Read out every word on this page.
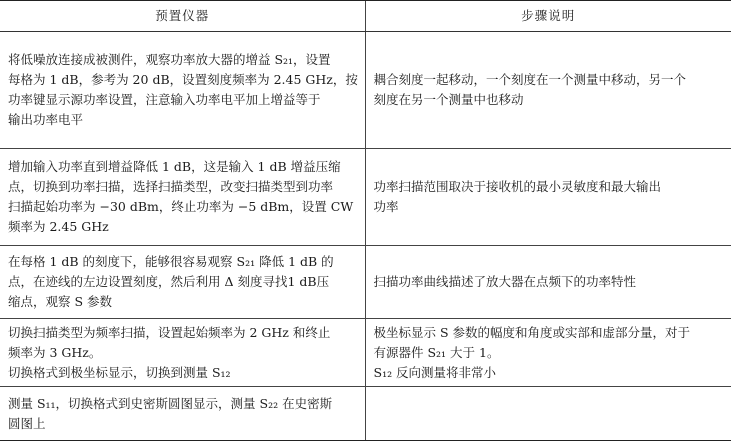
预置仪器	步骤说明

将低噪放连接成被测件，观察功率放大器的增益 S₂₁，设置
每格为 1 dB，参考为 20 dB，设置刻度频率为 2.45 GHz，按
功率键显示源功率设置，注意输入功率电平加上增益等于
输出功率电平	耦合刻度一起移动，一个刻度在一个测量中移动，另一个
刻度在另一个测量中也移动

增加输入功率直到增益降低 1 dB，这是输入 1 dB 增益压缩
点，切换到功率扫描，选择扫描类型，改变扫描类型到功率
扫描起始功率为 −30 dBm，终止功率为 −5 dBm，设置 CW
频率为 2.45 GHz	功率扫描范围取决于接收机的最小灵敏度和最大输出
功率

在每格 1 dB 的刻度下，能够很容易观察 S₂₁ 降低 1 dB 的
点，在迹线的左边设置刻度，然后利用 Δ 刻度寻找1 dB压
缩点，观察 S 参数	扫描功率曲线描述了放大器在点频下的功率特性

切换扫描类型为频率扫描，设置起始频率为 2 GHz 和终止
频率为 3 GHz。
切换格式到极坐标显示，切换到测量 S₁₂	极坐标显示 S 参数的幅度和角度或实部和虚部分量，对于
有源器件 S₂₁ 大于 1。
S₁₂ 反向测量将非常小

测量 S₁₁，切换格式到史密斯圆图显示，测量 S₂₂ 在史密斯
圆图上	
